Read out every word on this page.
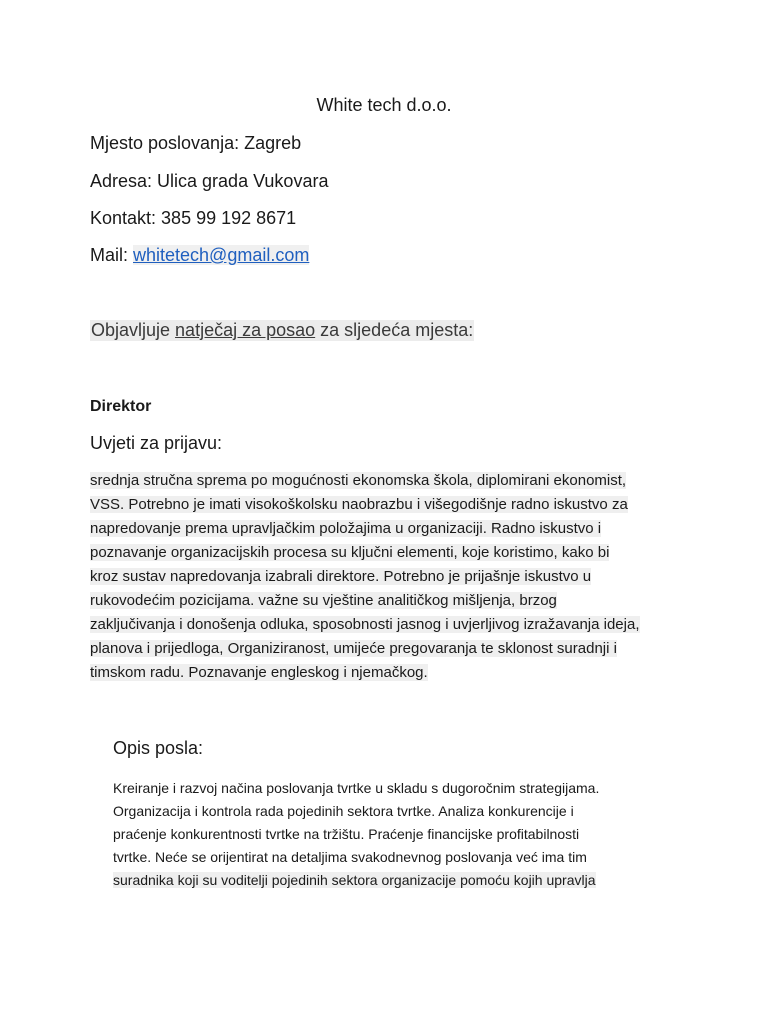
White tech d.o.o.
Mjesto poslovanja: Zagreb
Adresa: Ulica grada Vukovara
Kontakt: 385 99 192 8671
Mail: whitetech@gmail.com
Objavljuje natječaj za posao za sljedeća mjesta:
Direktor
Uvjeti za prijavu:
srednja stručna sprema po mogućnosti ekonomska škola, diplomirani ekonomist,
VSS. Potrebno je imati visokoškolsku naobrazbu i višegodišnje radno iskustvo za
napredovanje prema upravljačkim položajima u organizaciji. Radno iskustvo i
poznavanje organizacijskih procesa su ključni elementi, koje koristimo, kako bi
kroz sustav napredovanja izabrali direktore. Potrebno je prijašnje iskustvo u
rukovodećim pozicijama. važne su vještine analitičkog mišljenja, brzog
zaključivanja i donošenja odluka, sposobnosti jasnog i uvjerljivog izražavanja ideja,
planova i prijedloga, Organiziranost, umijeće pregovaranja te sklonost suradnji i
timskom radu. Poznavanje engleskog i njemačkog.
Opis posla:
Kreiranje i razvoj načina poslovanja tvrtke u skladu s dugoročnim strategijama.
Organizacija i kontrola rada pojedinih sektora tvrtke. Analiza konkurencije i
praćenje konkurentnosti tvrtke na tržištu. Praćenje financijske profitabilnosti
tvrtke. Neće se orijentirat na detaljima svakodnevnog poslovanja već ima tim
suradnika koji su voditelji pojedinih sektora organizacije pomoću kojih upravlja
